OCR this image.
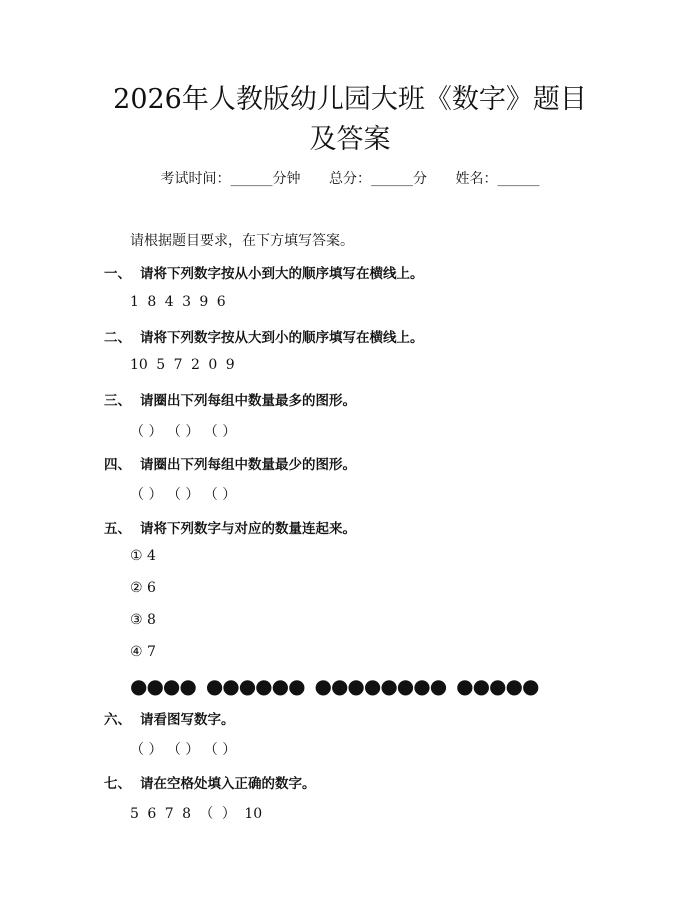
2026年人教版幼儿园大班《数字》题目及答案
考试时间：______分钟 总分：______分 姓名：______
请根据题目要求，在下方填写答案。
一、 请将下列数字按从小到大的顺序填写在横线上。
1 8 4 3 9 6
二、 请将下列数字按从大到小的顺序填写在横线上。
10 5 7 2 0 9
三、 请圈出下列每组中数量最多的图形。
（ ） （ ） （ ）
四、 请圈出下列每组中数量最少的图形。
（ ） （ ） （ ）
五、 请将下列数字与对应的数量连起来。
① 4
② 6
③ 8
④ 7
●●●● ●●●●●● ●●●●●●●● ●●●●●
六、 请看图写数字。
（ ） （ ） （ ）
七、 请在空格处填入正确的数字。
5 6 7 8 （ ） 10
